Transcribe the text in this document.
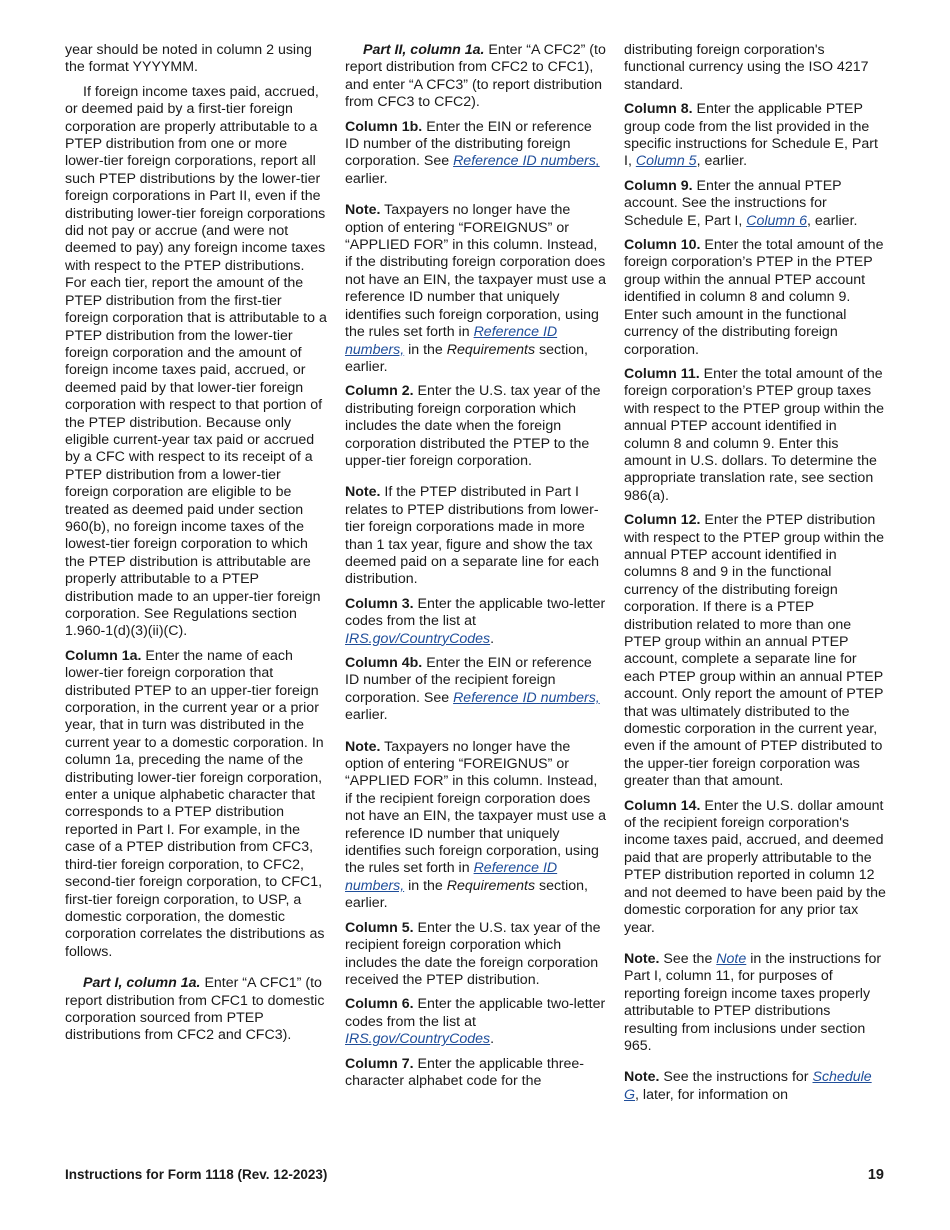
year should be noted in column 2 using the format YYYYMM.

If foreign income taxes paid, accrued, or deemed paid by a first-tier foreign corporation are properly attributable to a PTEP distribution from one or more lower-tier foreign corporations, report all such PTEP distributions by the lower-tier foreign corporations in Part II, even if the distributing lower-tier foreign corporations did not pay or accrue (and were not deemed to pay) any foreign income taxes with respect to the PTEP distributions. For each tier, report the amount of the PTEP distribution from the first-tier foreign corporation that is attributable to a PTEP distribution from the lower-tier foreign corporation and the amount of foreign income taxes paid, accrued, or deemed paid by that lower-tier foreign corporation with respect to that portion of the PTEP distribution. Because only eligible current-year tax paid or accrued by a CFC with respect to its receipt of a PTEP distribution from a lower-tier foreign corporation are eligible to be treated as deemed paid under section 960(b), no foreign income taxes of the lowest-tier foreign corporation to which the PTEP distribution is attributable are properly attributable to a PTEP distribution made to an upper-tier foreign corporation. See Regulations section 1.960-1(d)(3)(ii)(C).

Column 1a. Enter the name of each lower-tier foreign corporation that distributed PTEP to an upper-tier foreign corporation, in the current year or a prior year, that in turn was distributed in the current year to a domestic corporation. In column 1a, preceding the name of the distributing lower-tier foreign corporation, enter a unique alphabetic character that corresponds to a PTEP distribution reported in Part I. For example, in the case of a PTEP distribution from CFC3, third-tier foreign corporation, to CFC2, second-tier foreign corporation, to CFC1, first-tier foreign corporation, to USP, a domestic corporation, the domestic corporation correlates the distributions as follows.

Part I, column 1a. Enter “A CFC1” (to report distribution from CFC1 to domestic corporation sourced from PTEP distributions from CFC2 and CFC3).

Part II, column 1a. Enter “A CFC2” (to report distribution from CFC2 to CFC1), and enter “A CFC3” (to report distribution from CFC3 to CFC2).

Column 1b. Enter the EIN or reference ID number of the distributing foreign corporation. See Reference ID numbers, earlier.

Note. Taxpayers no longer have the option of entering “FOREIGNUS” or “APPLIED FOR” in this column. Instead, if the distributing foreign corporation does not have an EIN, the taxpayer must use a reference ID number that uniquely identifies such foreign corporation, using the rules set forth in Reference ID numbers, in the Requirements section, earlier.

Column 2. Enter the U.S. tax year of the distributing foreign corporation which includes the date when the foreign corporation distributed the PTEP to the upper-tier foreign corporation.

Note. If the PTEP distributed in Part I relates to PTEP distributions from lower-tier foreign corporations made in more than 1 tax year, figure and show the tax deemed paid on a separate line for each distribution.

Column 3. Enter the applicable two-letter codes from the list at IRS.gov/CountryCodes.

Column 4b. Enter the EIN or reference ID number of the recipient foreign corporation. See Reference ID numbers, earlier.

Note. Taxpayers no longer have the option of entering “FOREIGNUS” or “APPLIED FOR” in this column. Instead, if the recipient foreign corporation does not have an EIN, the taxpayer must use a reference ID number that uniquely identifies such foreign corporation, using the rules set forth in Reference ID numbers, in the Requirements section, earlier.

Column 5. Enter the U.S. tax year of the recipient foreign corporation which includes the date the foreign corporation received the PTEP distribution.

Column 6. Enter the applicable two-letter codes from the list at IRS.gov/CountryCodes.

Column 7. Enter the applicable three-character alphabet code for the

distributing foreign corporation's functional currency using the ISO 4217 standard.

Column 8. Enter the applicable PTEP group code from the list provided in the specific instructions for Schedule E, Part I, Column 5, earlier.

Column 9. Enter the annual PTEP account. See the instructions for Schedule E, Part I, Column 6, earlier.

Column 10. Enter the total amount of the foreign corporation’s PTEP in the PTEP group within the annual PTEP account identified in column 8 and column 9. Enter such amount in the functional currency of the distributing foreign corporation.

Column 11. Enter the total amount of the foreign corporation’s PTEP group taxes with respect to the PTEP group within the annual PTEP account identified in column 8 and column 9. Enter this amount in U.S. dollars. To determine the appropriate translation rate, see section 986(a).

Column 12. Enter the PTEP distribution with respect to the PTEP group within the annual PTEP account identified in columns 8 and 9 in the functional currency of the distributing foreign corporation. If there is a PTEP distribution related to more than one PTEP group within an annual PTEP account, complete a separate line for each PTEP group within an annual PTEP account. Only report the amount of PTEP that was ultimately distributed to the domestic corporation in the current year, even if the amount of PTEP distributed to the upper-tier foreign corporation was greater than that amount.

Column 14. Enter the U.S. dollar amount of the recipient foreign corporation's income taxes paid, accrued, and deemed paid that are properly attributable to the PTEP distribution reported in column 12 and not deemed to have been paid by the domestic corporation for any prior tax year.

Note. See the Note in the instructions for Part I, column 11, for purposes of reporting foreign income taxes properly attributable to PTEP distributions resulting from inclusions under section 965.

Note. See the instructions for Schedule G, later, for information on

Instructions for Form 1118 (Rev. 12-2023)	19
